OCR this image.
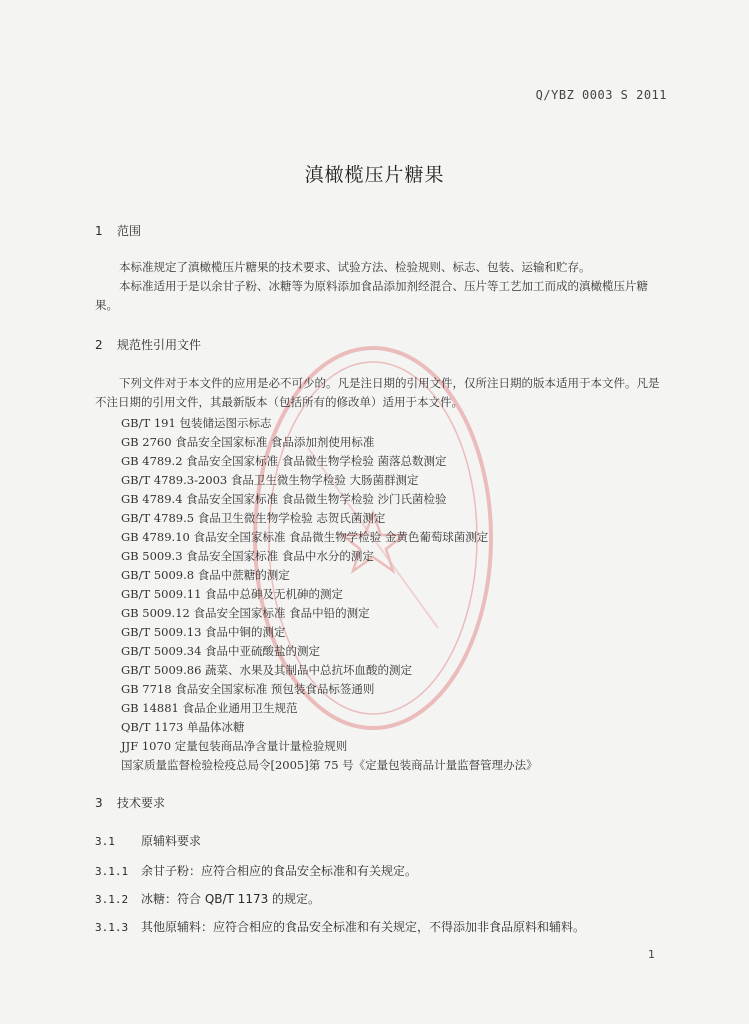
Q/YBZ 0003 S 2011
滇橄榄压片糖果
1 范围
本标准规定了滇橄榄压片糖果的技术要求、试验方法、检验规则、标志、包装、运输和贮存。
本标准适用于是以余甘子粉、冰糖等为原料添加食品添加剂经混合、压片等工艺加工而成的滇橄榄压片糖果。
2 规范性引用文件
下列文件对于本文件的应用是必不可少的。凡是注日期的引用文件，仅所注日期的版本适用于本文件。凡是不注日期的引用文件，其最新版本（包括所有的修改单）适用于本文件。
GB/T 191 包装储运图示标志
GB 2760 食品安全国家标准 食品添加剂使用标准
GB 4789.2 食品安全国家标准 食品微生物学检验 菌落总数测定
GB/T 4789.3-2003 食品卫生微生物学检验 大肠菌群测定
GB 4789.4 食品安全国家标准 食品微生物学检验 沙门氏菌检验
GB/T 4789.5 食品卫生微生物学检验 志贺氏菌测定
GB 4789.10 食品安全国家标准 食品微生物学检验 金黄色葡萄球菌测定
GB 5009.3 食品安全国家标准 食品中水分的测定
GB/T 5009.8 食品中蔗糖的测定
GB/T 5009.11 食品中总砷及无机砷的测定
GB 5009.12 食品安全国家标准 食品中铅的测定
GB/T 5009.13 食品中铜的测定
GB/T 5009.34 食品中亚硫酸盐的测定
GB/T 5009.86 蔬菜、水果及其制品中总抗坏血酸的测定
GB 7718 食品安全国家标准 预包装食品标签通则
GB 14881 食品企业通用卫生规范
QB/T 1173 单晶体冰糖
JJF 1070 定量包装商品净含量计量检验规则
国家质量监督检验检疫总局令[2005]第 75 号《定量包装商品计量监督管理办法》
3 技术要求
3.1 原辅料要求
3.1.1 余甘子粉：应符合相应的食品安全标准和有关规定。
3.1.2 冰糖：符合 QB/T 1173 的规定。
3.1.3 其他原辅料：应符合相应的食品安全标准和有关规定，不得添加非食品原料和辅料。
1
